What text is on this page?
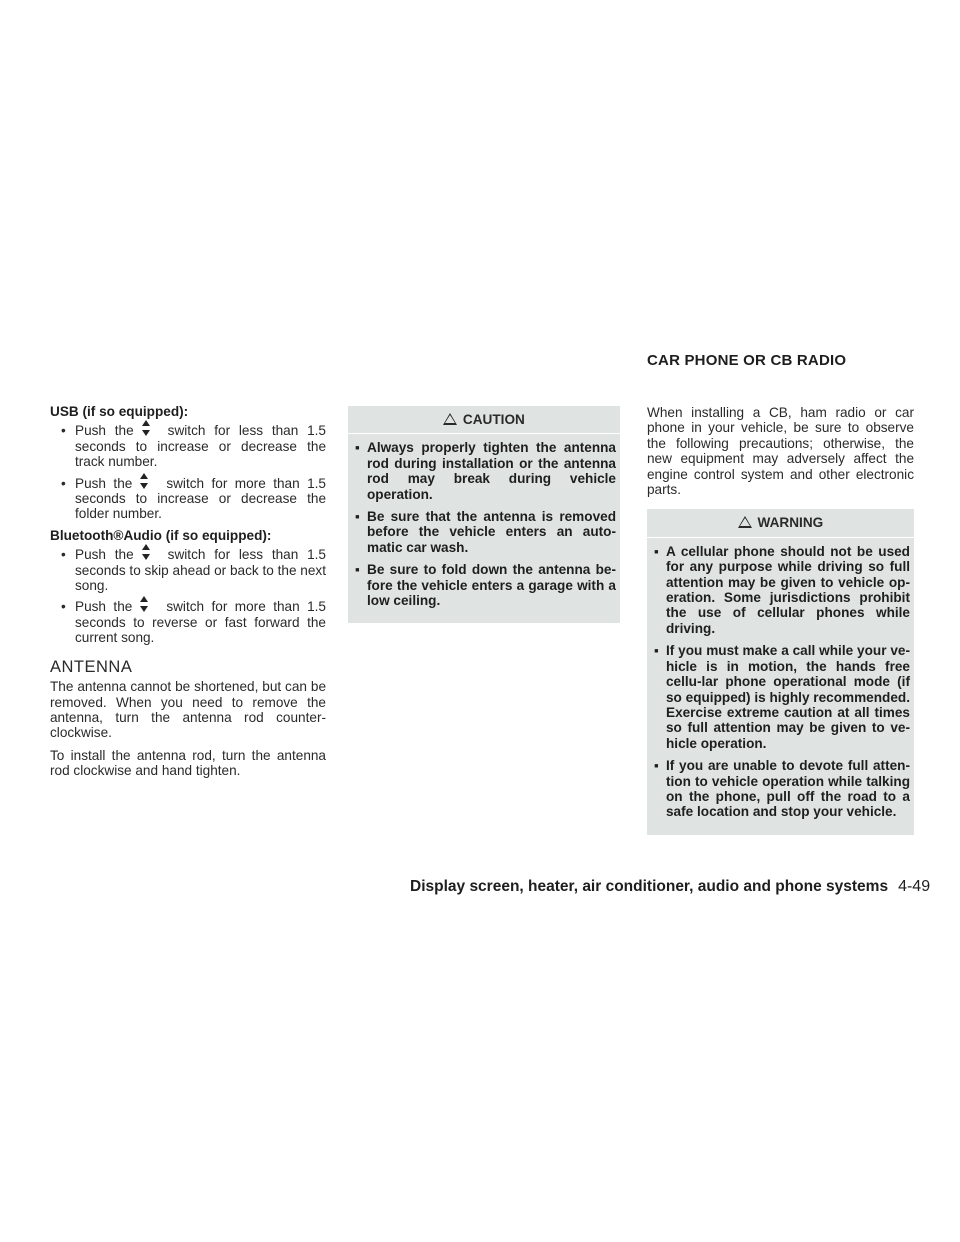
CAR PHONE OR CB RADIO

USB (if so equipped):

• Push the	switch for less than 1.5 seconds to increase or decrease the track number.
• Push the	switch for more than 1.5 seconds to increase or decrease the folder number.

Bluetooth®Audio (if so equipped):

• Push the	switch for less than 1.5 seconds to skip ahead or back to the next song.
• Push the	switch for more than 1.5 seconds to reverse or fast forward the current song.
ANTENNA

The antenna cannot be shortened, but can be removed. When you need to remove the antenna, turn the antenna rod counter-clockwise.

To install the antenna rod, turn the antenna rod clockwise and hand tighten.

CAUTION
▪ Always properly tighten the antenna rod during installation or the antenna rod may break during vehicle operation.
▪ Be sure that the antenna is removed before the vehicle enters an auto-matic car wash.
▪ Be sure to fold down the antenna be-fore the vehicle enters a garage with a low ceiling.

When installing a CB, ham radio or car phone in your vehicle, be sure to observe the following precautions; otherwise, the new equipment may adversely affect the engine control system and other electronic parts.

WARNING
▪ A cellular phone should not be used for any purpose while driving so full attention may be given to vehicle op-eration. Some jurisdictions prohibit the use of cellular phones while driving.
▪ If you must make a call while your ve-hicle is in motion, the hands free cellu-lar phone operational mode (if so equipped) is highly recommended. Exercise extreme caution at all times so full attention may be given to ve-hicle operation.
▪ If you are unable to devote full atten-tion to vehicle operation while talking on the phone, pull off the road to a safe location and stop your vehicle.
Display screen, heater, air conditioner, audio and phone systems 4-49
